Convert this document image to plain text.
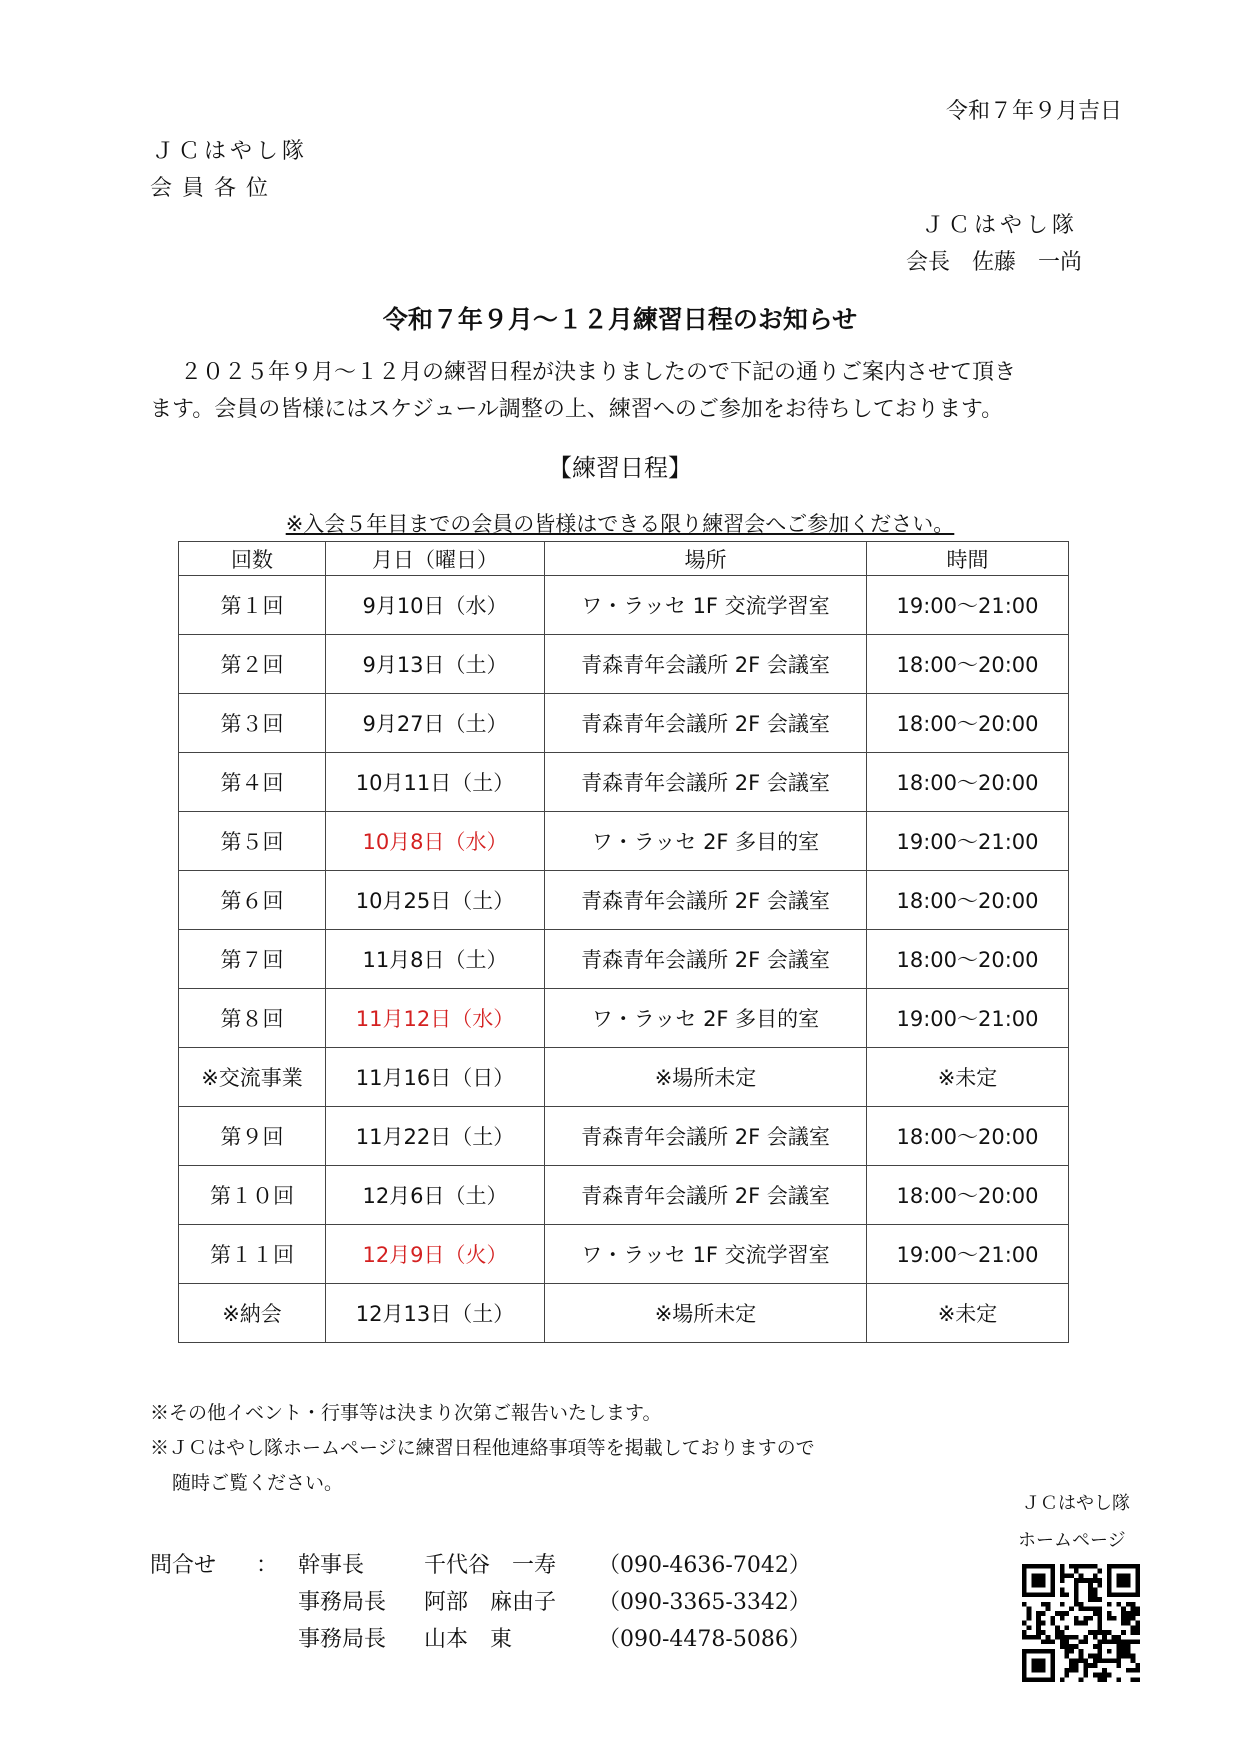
令和７年９月吉日
ＪＣはやし隊
会員各位
ＪＣはやし隊
会長　佐藤　一尚
令和７年９月～１２月練習日程のお知らせ
２０２５年９月～１２月の練習日程が決まりましたので下記の通りご案内させて頂き
ます。会員の皆様にはスケジュール調整の上、練習へのご参加をお待ちしております。
【練習日程】
※入会５年目までの会員の皆様はできる限り練習会へご参加ください。
回数	月日（曜日）	場所	時間
第１回	9月10日（水）	ワ・ラッセ 1F 交流学習室	19:00～21:00
第２回	9月13日（土）	青森青年会議所 2F 会議室	18:00～20:00
第３回	9月27日（土）	青森青年会議所 2F 会議室	18:00～20:00
第４回	10月11日（土）	青森青年会議所 2F 会議室	18:00～20:00
第５回	10月8日（水）	ワ・ラッセ 2F 多目的室	19:00～21:00
第６回	10月25日（土）	青森青年会議所 2F 会議室	18:00～20:00
第７回	11月8日（土）	青森青年会議所 2F 会議室	18:00～20:00
第８回	11月12日（水）	ワ・ラッセ 2F 多目的室	19:00～21:00
※交流事業	11月16日（日）	※場所未定	※未定
第９回	11月22日（土）	青森青年会議所 2F 会議室	18:00～20:00
第１０回	12月6日（土）	青森青年会議所 2F 会議室	18:00～20:00
第１１回	12月9日（火）	ワ・ラッセ 1F 交流学習室	19:00～21:00
※納会	12月13日（土）	※場所未定	※未定
※その他イベント・行事等は決まり次第ご報告いたします。
※ＪＣはやし隊ホームページに練習日程他連絡事項等を掲載しておりますので
随時ご覧ください。
問合せ ： 幹事長	千代谷　一寿 （090-4636-7042）
事務局長 阿部　麻由子 （090-3365-3342）
事務局長 山本　東	（090-4478-5086）
ＪＣはやし隊
ホームページ
